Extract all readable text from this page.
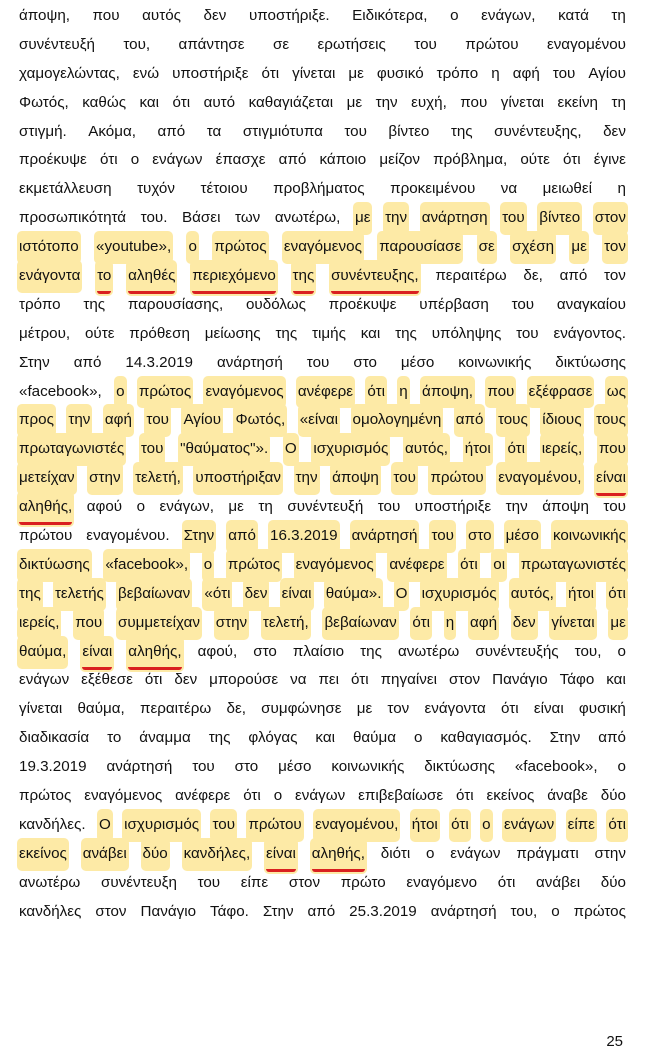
άποψη, που αυτός δεν υποστήριξε. Ειδικότερα, ο ενάγων, κατά τη
συνέντευξή του, απάντησε σε ερωτήσεις του πρώτου εναγομένου
χαμογελώντας, ενώ υποστήριξε ότι γίνεται με φυσικό τρόπο η αφή του Αγίου
Φωτός, καθώς και ότι αυτό καθαγιάζεται με την ευχή, που γίνεται εκείνη τη
στιγμή. Ακόμα, από τα στιγμιότυπα του βίντεο της συνέντευξης, δεν
προέκυψε ότι ο ενάγων έπασχε από κάποιο μείζον πρόβλημα, ούτε ότι έγινε
εκμετάλλευση τυχόν τέτοιου προβλήματος προκειμένου να μειωθεί η
προσωπικότητά του. Βάσει των ανωτέρω, με την ανάρτηση του βίντεο στον
ιστότοπο «youtube», ο πρώτος εναγόμενος παρουσίασε σε σχέση με τον
ενάγοντα το αληθές περιεχόμενο της συνέντευξης, περαιτέρω δε, από τον
τρόπο της παρουσίασης, ουδόλως προέκυψε υπέρβαση του αναγκαίου
μέτρου, ούτε πρόθεση μείωσης της τιμής και της υπόληψης του ενάγοντος.
Στην από 14.3.2019 ανάρτησή του στο μέσο κοινωνικής δικτύωσης
«facebook», ο πρώτος εναγόμενος ανέφερε ότι η άποψη, που εξέφρασε ως
προς την αφή του Αγίου Φωτός, «είναι ομολογημένη από τους ίδιους τους
πρωταγωνιστές του "θαύματος"». Ο ισχυρισμός αυτός, ήτοι ότι ιερείς, που
μετείχαν στην τελετή, υποστήριξαν την άποψη του πρώτου εναγομένου, είναι
αληθής, αφού ο ενάγων, με τη συνέντευξή του υποστήριξε την άποψη του
πρώτου εναγομένου. Στην από 16.3.2019 ανάρτησή του στο μέσο κοινωνικής
δικτύωσης «facebook», ο πρώτος εναγόμενος ανέφερε ότι οι πρωταγωνιστές
της τελετής βεβαίωναν «ότι δεν είναι θαύμα». Ο ισχυρισμός αυτός, ήτοι ότι
ιερείς, που συμμετείχαν στην τελετή, βεβαίωναν ότι η αφή δεν γίνεται με
θαύμα, είναι αληθής, αφού, στο πλαίσιο της ανωτέρω συνέντευξής του, ο
ενάγων εξέθεσε ότι δεν μπορούσε να πει ότι πηγαίνει στον Πανάγιο Τάφο και
γίνεται θαύμα, περαιτέρω δε, συμφώνησε με τον ενάγοντα ότι είναι φυσική
διαδικασία το άναμμα της φλόγας και θαύμα ο καθαγιασμός. Στην από
19.3.2019 ανάρτησή του στο μέσο κοινωνικής δικτύωσης «facebook», ο
πρώτος εναγόμενος ανέφερε ότι ο ενάγων επιβεβαίωσε ότι εκείνος άναβε δύο
κανδήλες. Ο ισχυρισμός του πρώτου εναγομένου, ήτοι ότι ο ενάγων είπε ότι
εκείνος ανάβει δύο κανδήλες, είναι αληθής, διότι ο ενάγων πράγματι στην
ανωτέρω συνέντευξη του είπε στον πρώτο εναγόμενο ότι ανάβει δύο
κανδήλες στον Πανάγιο Τάφο. Στην από 25.3.2019 ανάρτησή του, ο πρώτος
25
